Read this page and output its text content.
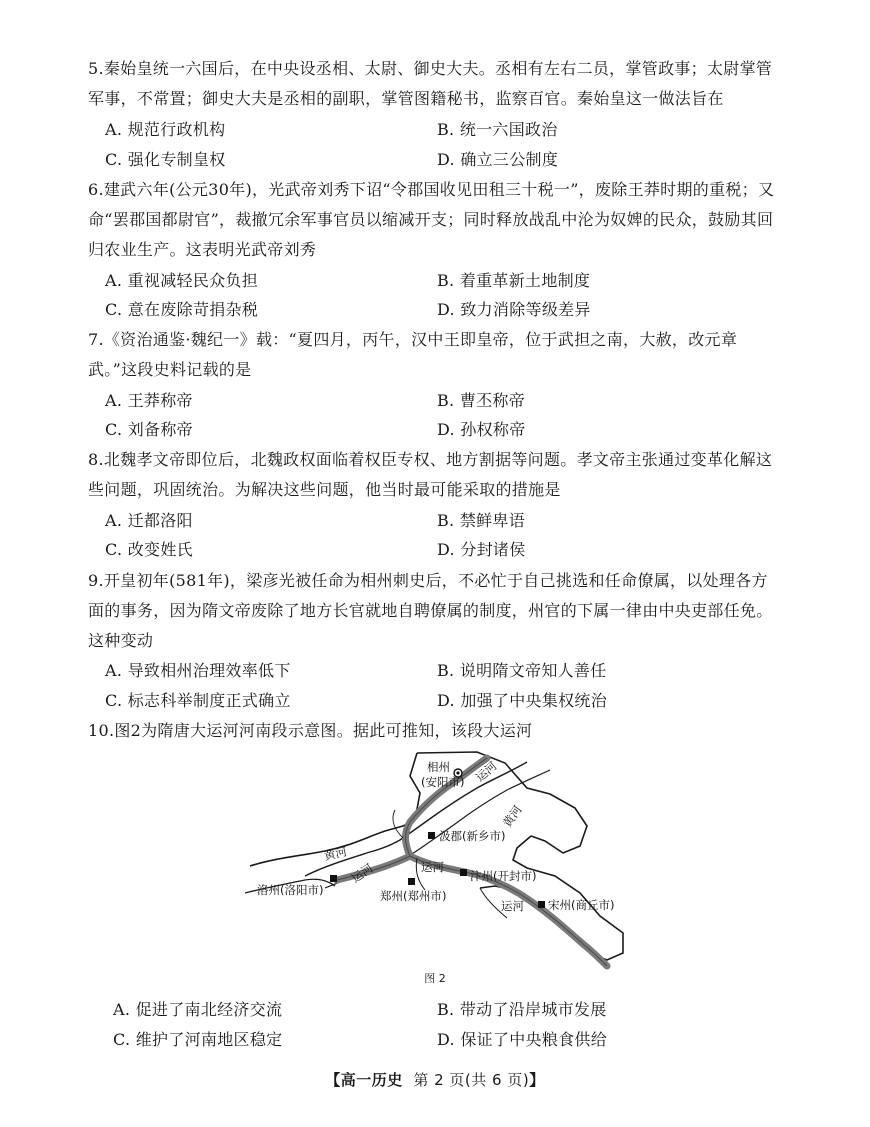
5.秦始皇统一六国后，在中央设丞相、太尉、御史大夫。丞相有左右二员，掌管政事；太尉掌管军事，不常置；御史大夫是丞相的副职，掌管图籍秘书，监察百官。秦始皇这一做法旨在

A. 规范行政机构	B. 统一六国政治
C. 强化专制皇权	D. 确立三公制度

6.建武六年(公元30年)，光武帝刘秀下诏“令郡国收见田租三十税一”，废除王莽时期的重税；又命“罢郡国都尉官”，裁撤冗余军事官员以缩减开支；同时释放战乱中沦为奴婢的民众，鼓励其回归农业生产。这表明光武帝刘秀

A. 重视减轻民众负担	B. 着重革新土地制度
C. 意在废除苛捐杂税	D. 致力消除等级差异

7.《资治通鉴·魏纪一》载：“夏四月，丙午，汉中王即皇帝，位于武担之南，大赦，改元章武。”这段史料记载的是

A. 王莽称帝	B. 曹丕称帝
C. 刘备称帝	D. 孙权称帝

8.北魏孝文帝即位后，北魏政权面临着权臣专权、地方割据等问题。孝文帝主张通过变革化解这些问题，巩固统治。为解决这些问题，他当时最可能采取的措施是

A. 迁都洛阳	B. 禁鲜卑语
C. 改变姓氏	D. 分封诸侯

9.开皇初年(581年)，梁彦光被任命为相州刺史后，不必忙于自己挑选和任命僚属，以处理各方面的事务，因为隋文帝废除了地方长官就地自聘僚属的制度，州官的下属一律由中央吏部任免。这种变动

A. 导致相州治理效率低下	B. 说明隋文帝知人善任
C. 标志科举制度正式确立	D. 加强了中央集权统治

10.图2为隋唐大运河河南段示意图。据此可推知，该段大运河

相州
(安阳市) 运河
黄河
汲郡(新乡市)
黄河
运河	运河
洛州(洛阳市)	郑州(郑州市)
汴州(开封市)
运河 宋州(商丘市)
图 2
A. 促进了南北经济交流	B. 带动了沿岸城市发展
C. 维护了河南地区稳定	D. 保证了中央粮食供给
【高一历史 第 2 页(共 6 页)】
